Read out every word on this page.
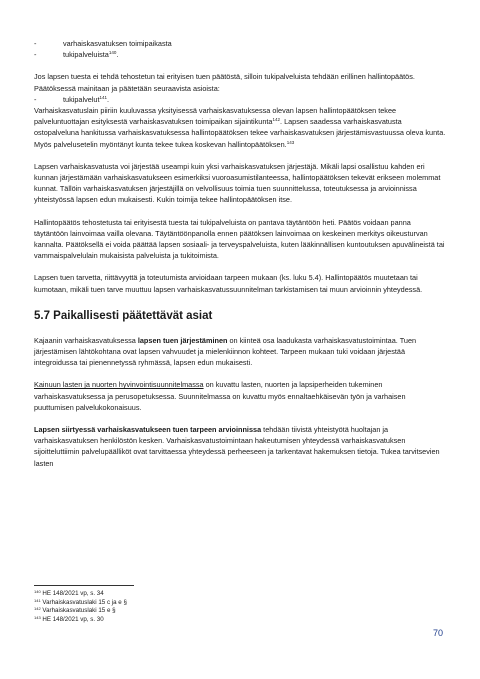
-	varhaiskasvatuksen toimipaikasta

-	tukipalveluista$^{140}$.

Jos lapsen tuesta ei tehdä tehostetun tai erityisen tuen päätöstä, silloin tukipalveluista tehdään erillinen hallintopäätös. Päätöksessä mainitaan ja päätetään seuraavista asioista:

-	tukipalvelut$^{141}$.

Varhaiskasvatuslain piiriin kuuluvassa yksityisessä varhaiskasvatuksessa olevan lapsen hallintopäätöksen tekee palveluntuottajan esityksestä varhaiskasvatuksen toimipaikan sijaintikunta$^{142}$. Lapsen saadessa varhaiskasvatusta ostopalveluna hankitussa varhaiskasvatuksessa hallintopäätöksen tekee varhaiskasvatuksen järjestämisvastuussa oleva kunta. Myös palvelusetelin myöntänyt kunta tekee tukea koskevan hallintopäätöksen.$^{143}$

Lapsen varhaiskasvatusta voi järjestää useampi kuin yksi varhaiskasvatuksen järjestäjä. Mikäli lapsi osallistuu kahden eri kunnan järjestämään varhaiskasvatukseen esimerkiksi vuoroasumistilanteessa, hallintopäätöksen tekevät erikseen molemmat kunnat. Tällöin varhaiskasvatuksen järjestäjillä on velvollisuus toimia tuen suunnittelussa, toteutuksessa ja arvioinnissa yhteistyössä lapsen edun mukaisesti. Kukin toimija tekee hallintopäätöksen itse.

Hallintopäätös tehostetusta tai erityisestä tuesta tai tukipalveluista on pantava täytäntöön heti. Päätös voidaan panna täytäntöön lainvoimaa vailla olevana. Täytäntöönpanolla ennen päätöksen lainvoimaa on keskeinen merkitys oikeusturvan kannalta. Päätöksellä ei voida päättää lapsen sosiaali- ja terveyspalveluista, kuten lääkinnällisen kuntoutuksen apuvälineistä tai vammaispalvelulain mukaisista palveluista ja tukitoimista.

Lapsen tuen tarvetta, riittävyyttä ja toteutumista arvioidaan tarpeen mukaan (ks. luku 5.4). Hallintopäätös muutetaan tai kumotaan, mikäli tuen tarve muuttuu lapsen varhaiskasvatussuunnitelman tarkistamisen tai muun arvioinnin yhteydessä.

5.7 Paikallisesti päätettävät asiat

Kajaanin varhaiskasvatuksessa lapsen tuen järjestäminen on kiinteä osa laadukasta varhaiskasvatustoimintaa. Tuen järjestämisen lähtökohtana ovat lapsen vahvuudet ja mielenkiinnon kohteet. Tarpeen mukaan tuki voidaan järjestää integroidussa tai pienennetyssä ryhmässä, lapsen edun mukaisesti.

Kainuun lasten ja nuorten hyvinvointisuunnitelmassa on kuvattu lasten, nuorten ja lapsiperheiden tukeminen varhaiskasvatuksessa ja perusopetuksessa. Suunnitelmassa on kuvattu myös ennaltaehkäisevän työn ja varhaisen puuttumisen palvelukokonaisuus.

Lapsen siirtyessä varhaiskasvatukseen tuen tarpeen arvioinnissa tehdään tiivistä yhteistyötä huoltajan ja varhaiskasvatuksen henkilöstön kesken. Varhaiskasvatustoimintaan hakeutumisen yhteydessä varhaiskasvatuksen sijoitteluttiimin palvelupäälliköt ovat tarvittaessa yhteydessä perheeseen ja tarkentavat hakemuksen tietoja. Tukea tarvitsevien lasten

$^{140}$ HE 148/2021 vp, s. 34
$^{141}$ Varhaiskasvatuslaki 15 c ja e §
$^{142}$ Varhaiskasvatuslaki 15 e §
$^{143}$ HE 148/2021 vp, s. 30
70
